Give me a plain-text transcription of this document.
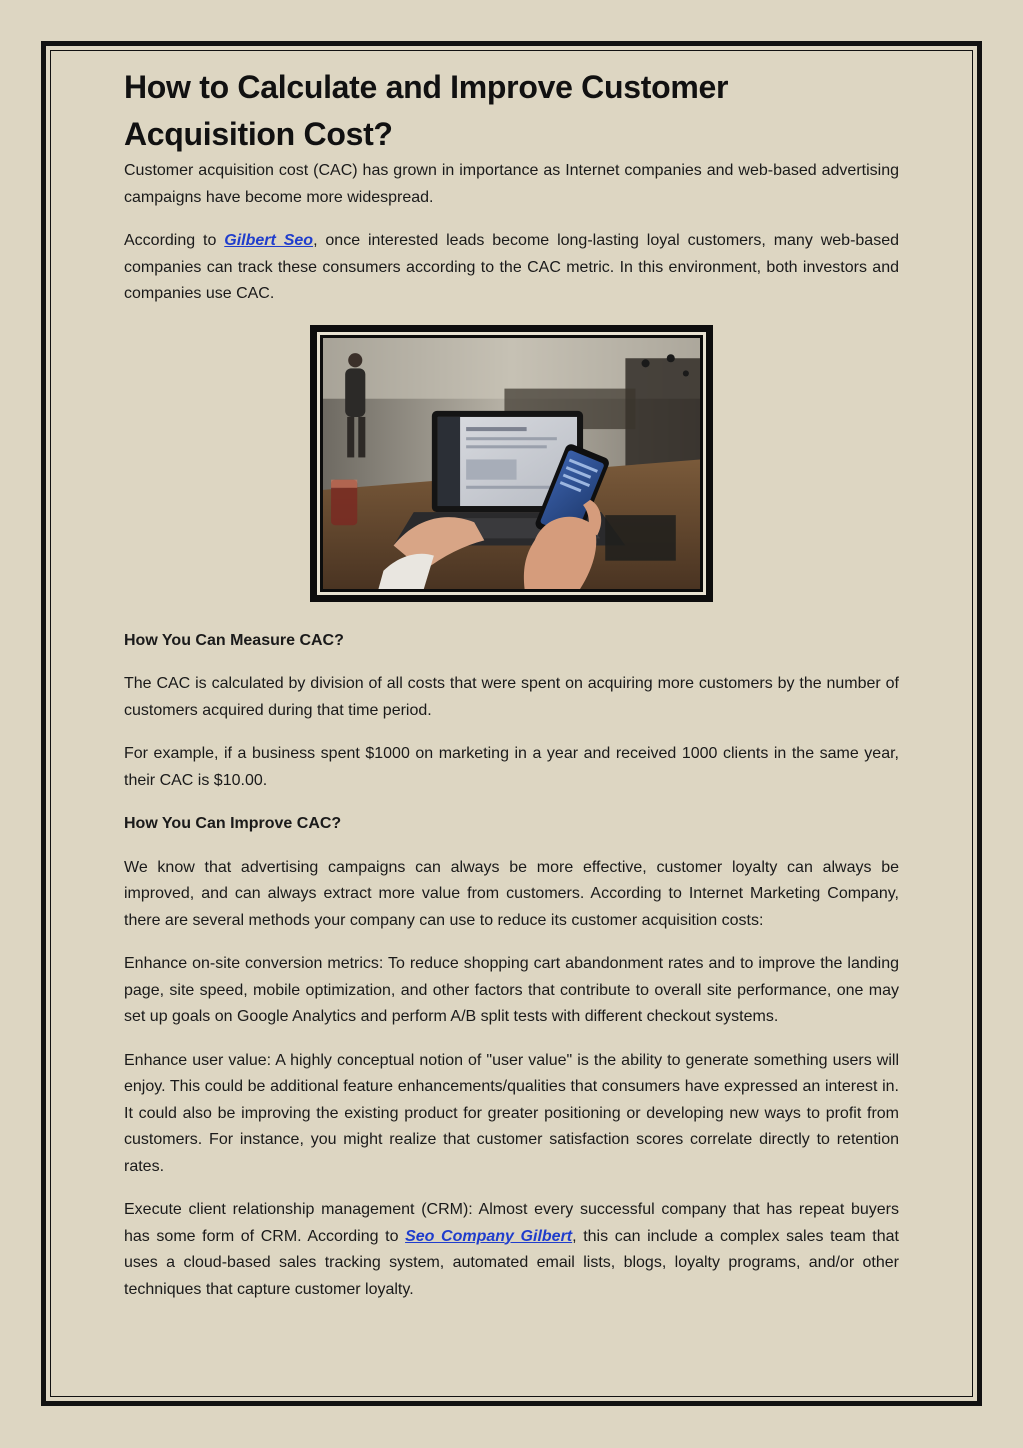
How to Calculate and Improve Customer Acquisition Cost?

Customer acquisition cost (CAC) has grown in importance as Internet companies and web-based advertising campaigns have become more widespread.

According to Gilbert Seo, once interested leads become long-lasting loyal customers, many web-based companies can track these consumers according to the CAC metric. In this environment, both investors and companies use CAC.

How You Can Measure CAC?

The CAC is calculated by division of all costs that were spent on acquiring more customers by the number of customers acquired during that time period.

For example, if a business spent $1000 on marketing in a year and received 1000 clients in the same year, their CAC is $10.00.

How You Can Improve CAC?

We know that advertising campaigns can always be more effective, customer loyalty can always be improved, and can always extract more value from customers. According to Internet Marketing Company, there are several methods your company can use to reduce its customer acquisition costs:

Enhance on-site conversion metrics: To reduce shopping cart abandonment rates and to improve the landing page, site speed, mobile optimization, and other factors that contribute to overall site performance, one may set up goals on Google Analytics and perform A/B split tests with different checkout systems.

Enhance user value: A highly conceptual notion of "user value" is the ability to generate something users will enjoy. This could be additional feature enhancements/qualities that consumers have expressed an interest in. It could also be improving the existing product for greater positioning or developing new ways to profit from customers. For instance, you might realize that customer satisfaction scores correlate directly to retention rates.

Execute client relationship management (CRM): Almost every successful company that has repeat buyers has some form of CRM. According to Seo Company Gilbert, this can include a complex sales team that uses a cloud-based sales tracking system, automated email lists, blogs, loyalty programs, and/or other techniques that capture customer loyalty.
